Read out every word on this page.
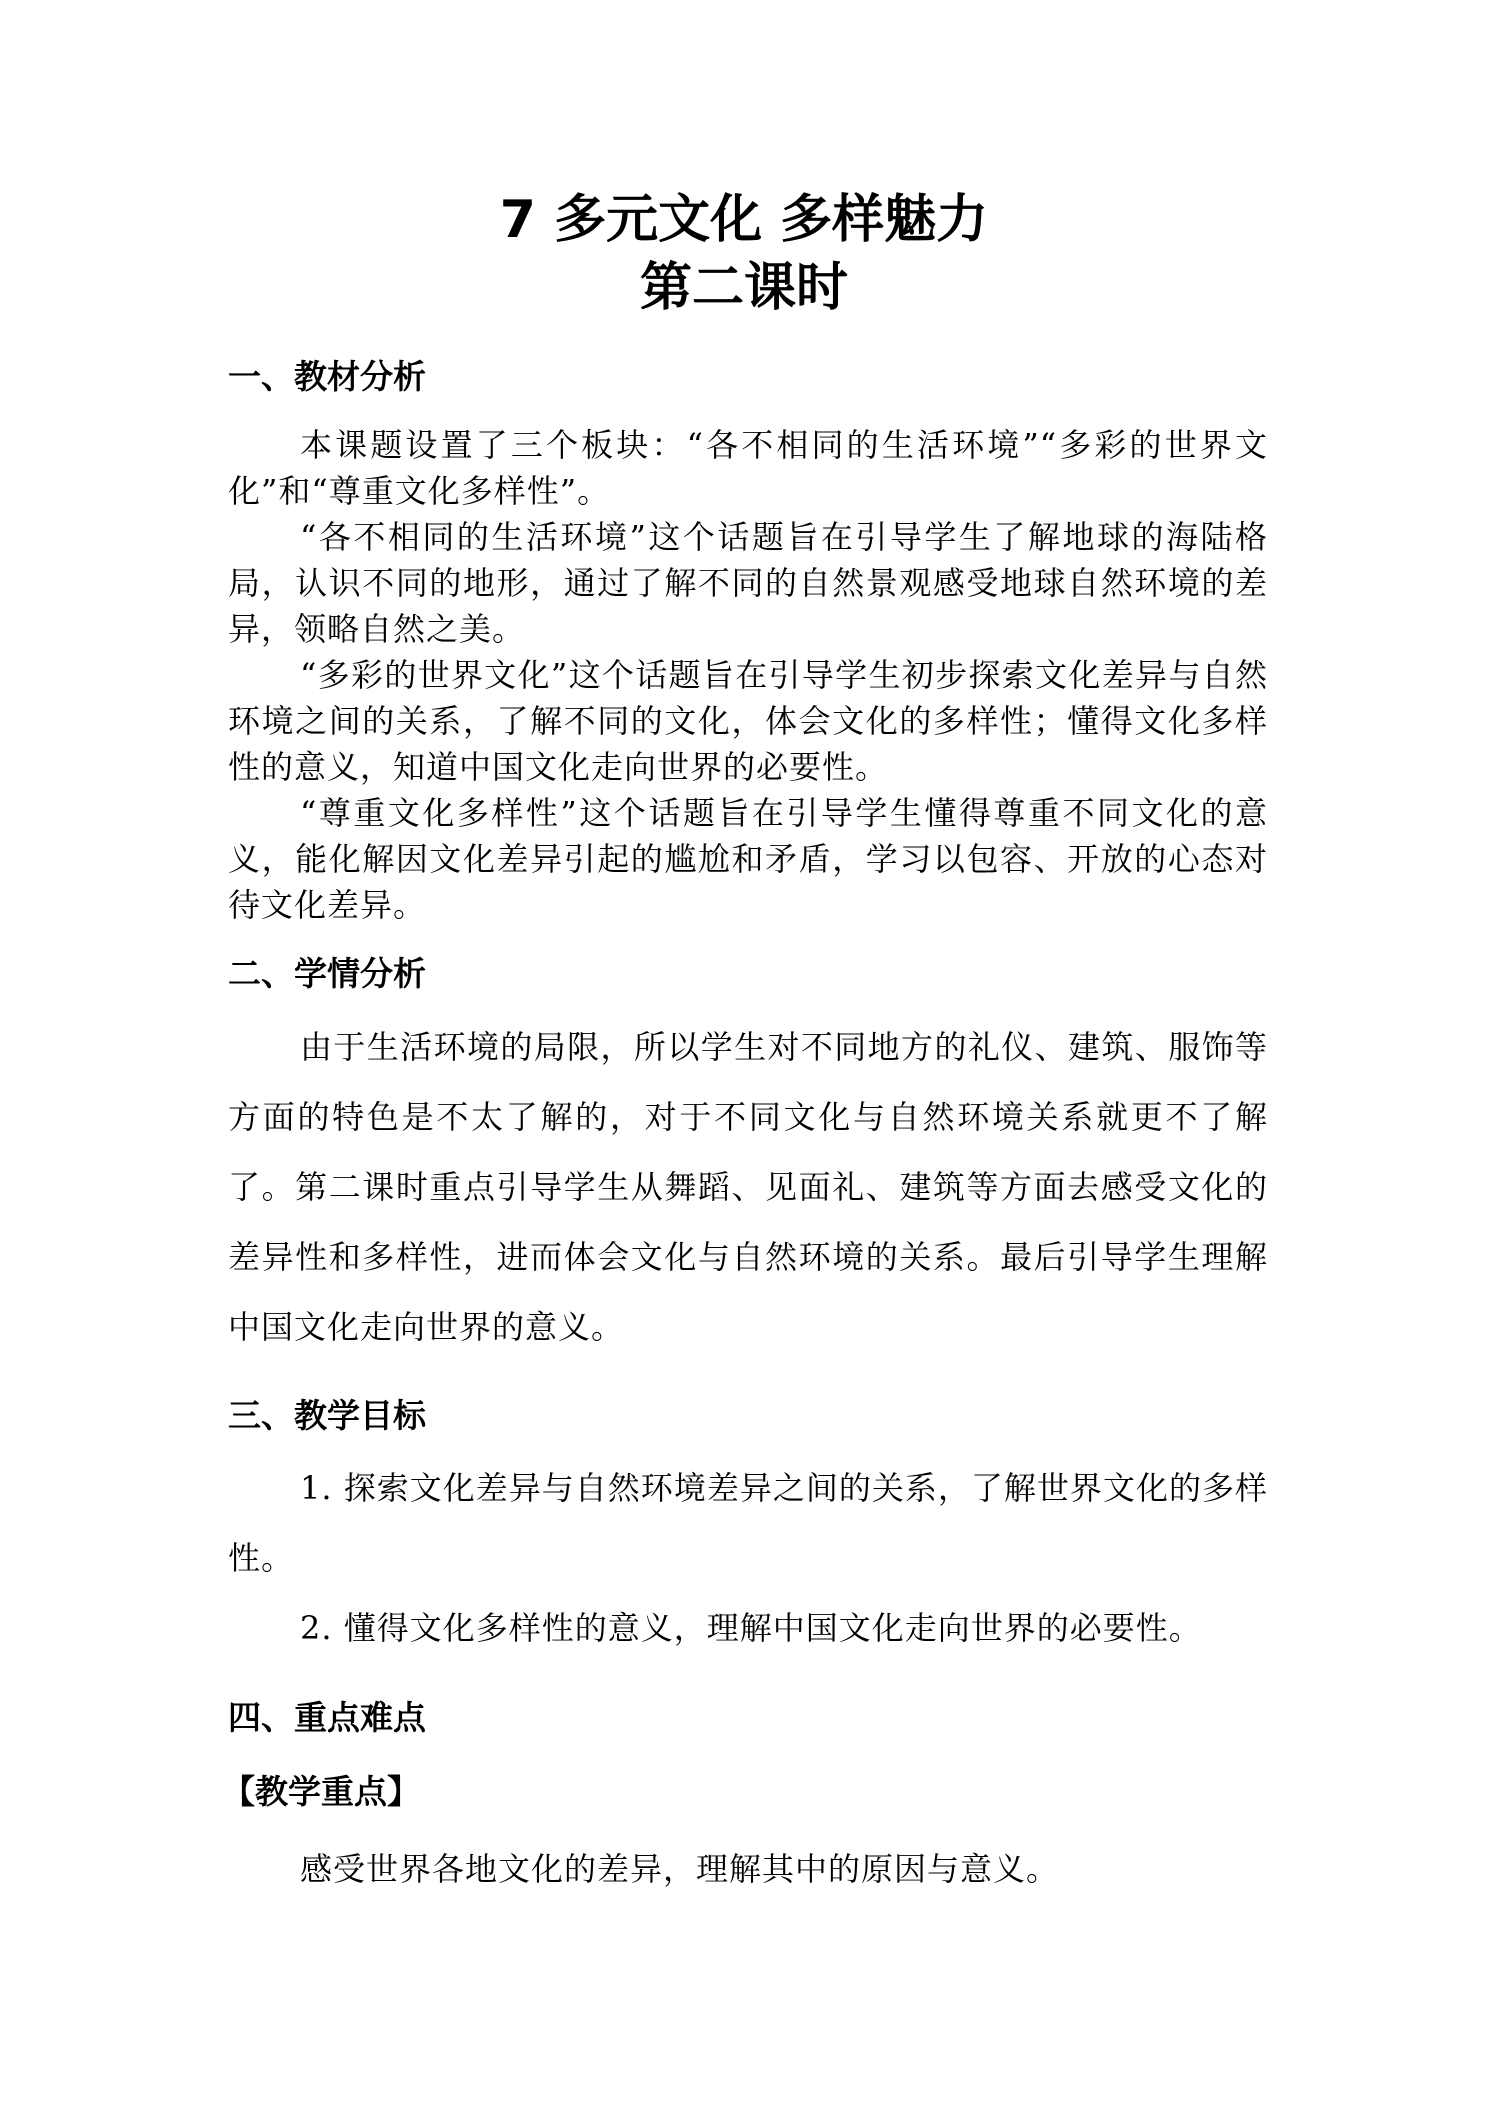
7 多元文化 多样魅力
第二课时
一、教材分析

本课题设置了三个板块：“各不相同的生活环境”“多彩的世界文化”和“尊重文化多样性”。

“各不相同的生活环境”这个话题旨在引导学生了解地球的海陆格局，认识不同的地形，通过了解不同的自然景观感受地球自然环境的差异，领略自然之美。

“多彩的世界文化”这个话题旨在引导学生初步探索文化差异与自然环境之间的关系，了解不同的文化，体会文化的多样性；懂得文化多样性的意义，知道中国文化走向世界的必要性。

“尊重文化多样性”这个话题旨在引导学生懂得尊重不同文化的意义，能化解因文化差异引起的尴尬和矛盾，学习以包容、开放的心态对待文化差异。

二、学情分析

由于生活环境的局限，所以学生对不同地方的礼仪、建筑、服饰等方面的特色是不太了解的，对于不同文化与自然环境关系就更不了解了。第二课时重点引导学生从舞蹈、见面礼、建筑等方面去感受文化的差异性和多样性，进而体会文化与自然环境的关系。最后引导学生理解中国文化走向世界的意义。

三、教学目标

1. 探索文化差异与自然环境差异之间的关系，了解世界文化的多样性。

2. 懂得文化多样性的意义，理解中国文化走向世界的必要性。

四、重点难点
【教学重点】
感受世界各地文化的差异，理解其中的原因与意义。
